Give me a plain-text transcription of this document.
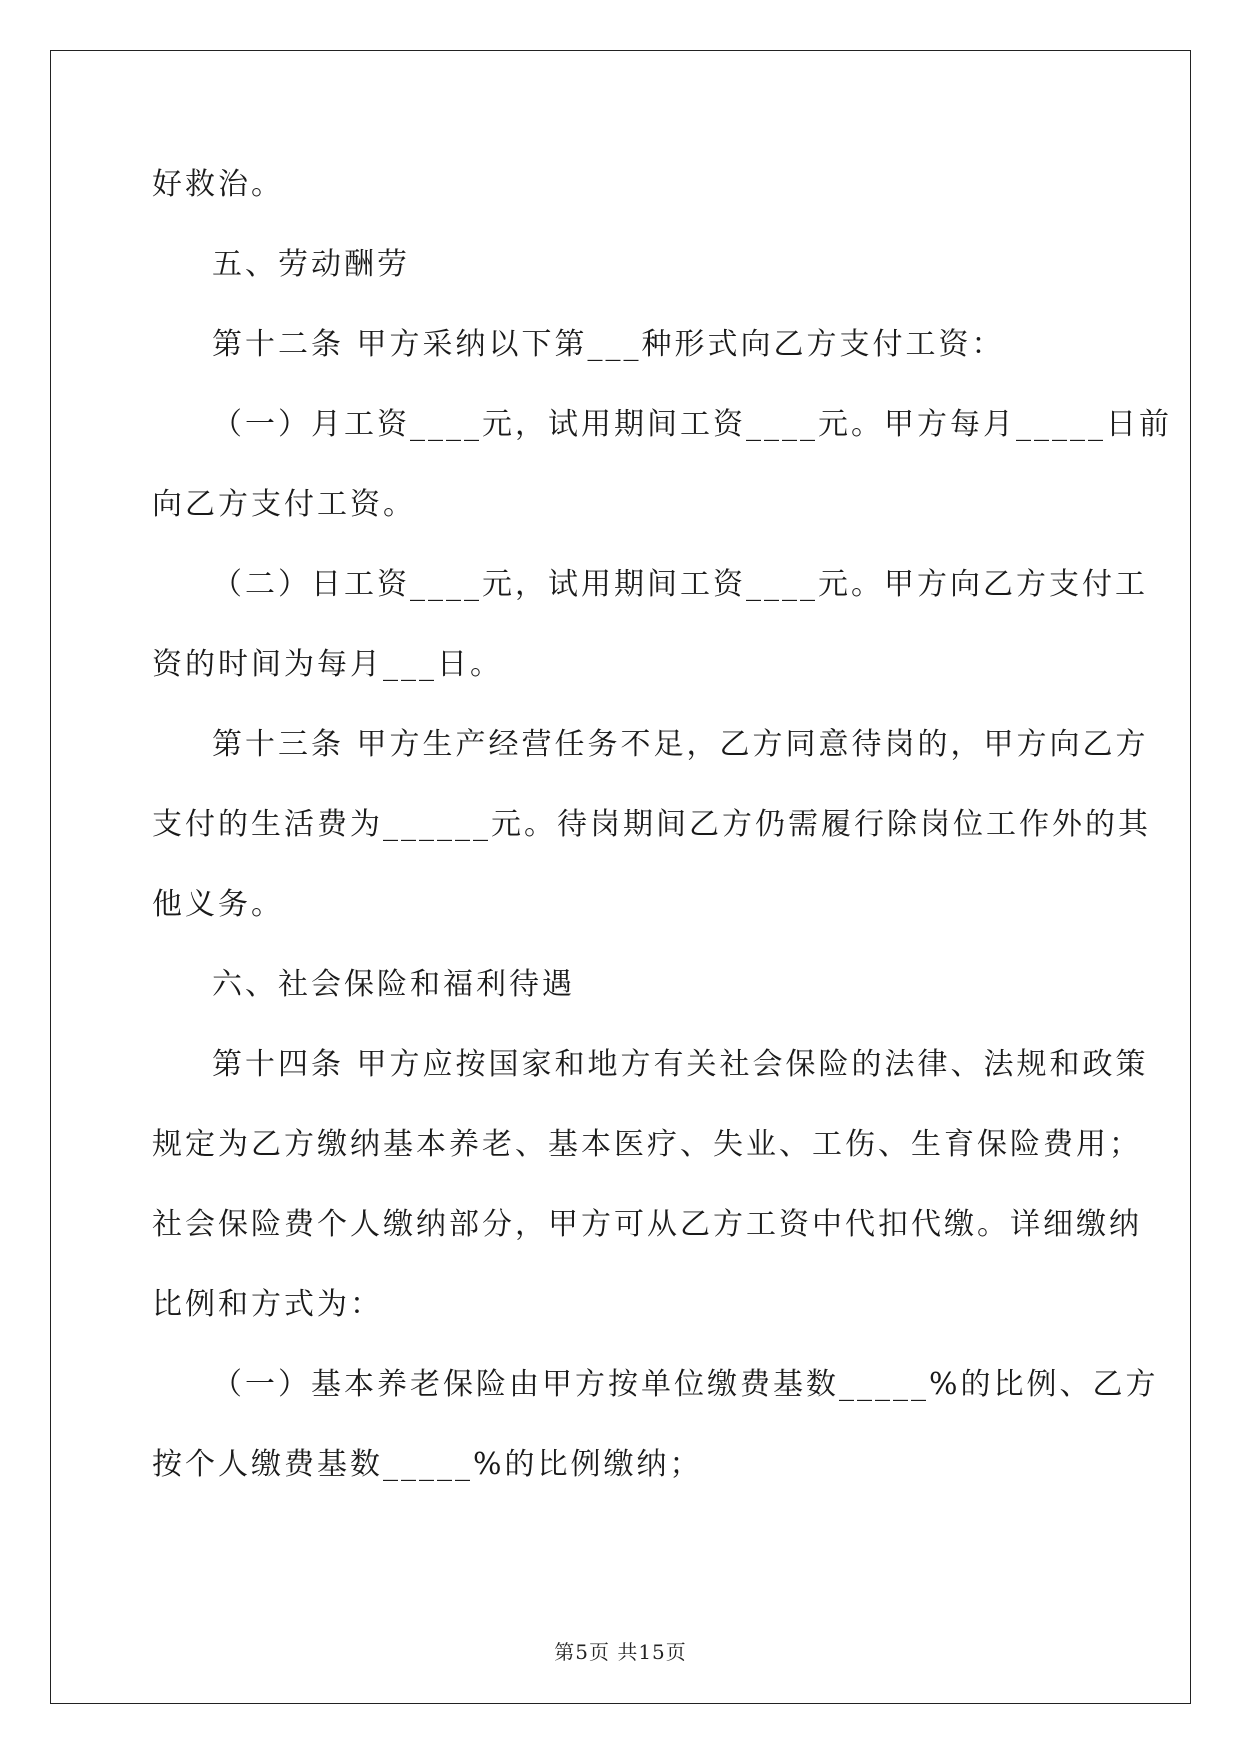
好救治。
五、劳动酬劳
第十二条 甲方采纳以下第___种形式向乙方支付工资：
（一）月工资____元，试用期间工资____元。甲方每月_____日前
向乙方支付工资。
（二）日工资____元，试用期间工资____元。甲方向乙方支付工
资的时间为每月___日。
第十三条 甲方生产经营任务不足，乙方同意待岗的，甲方向乙方
支付的生活费为______元。待岗期间乙方仍需履行除岗位工作外的其
他义务。
六、社会保险和福利待遇
第十四条 甲方应按国家和地方有关社会保险的法律、法规和政策
规定为乙方缴纳基本养老、基本医疗、失业、工伤、生育保险费用；
社会保险费个人缴纳部分，甲方可从乙方工资中代扣代缴。详细缴纳
比例和方式为：
（一）基本养老保险由甲方按单位缴费基数_____%的比例、乙方
按个人缴费基数_____%的比例缴纳；
第5页 共15页
